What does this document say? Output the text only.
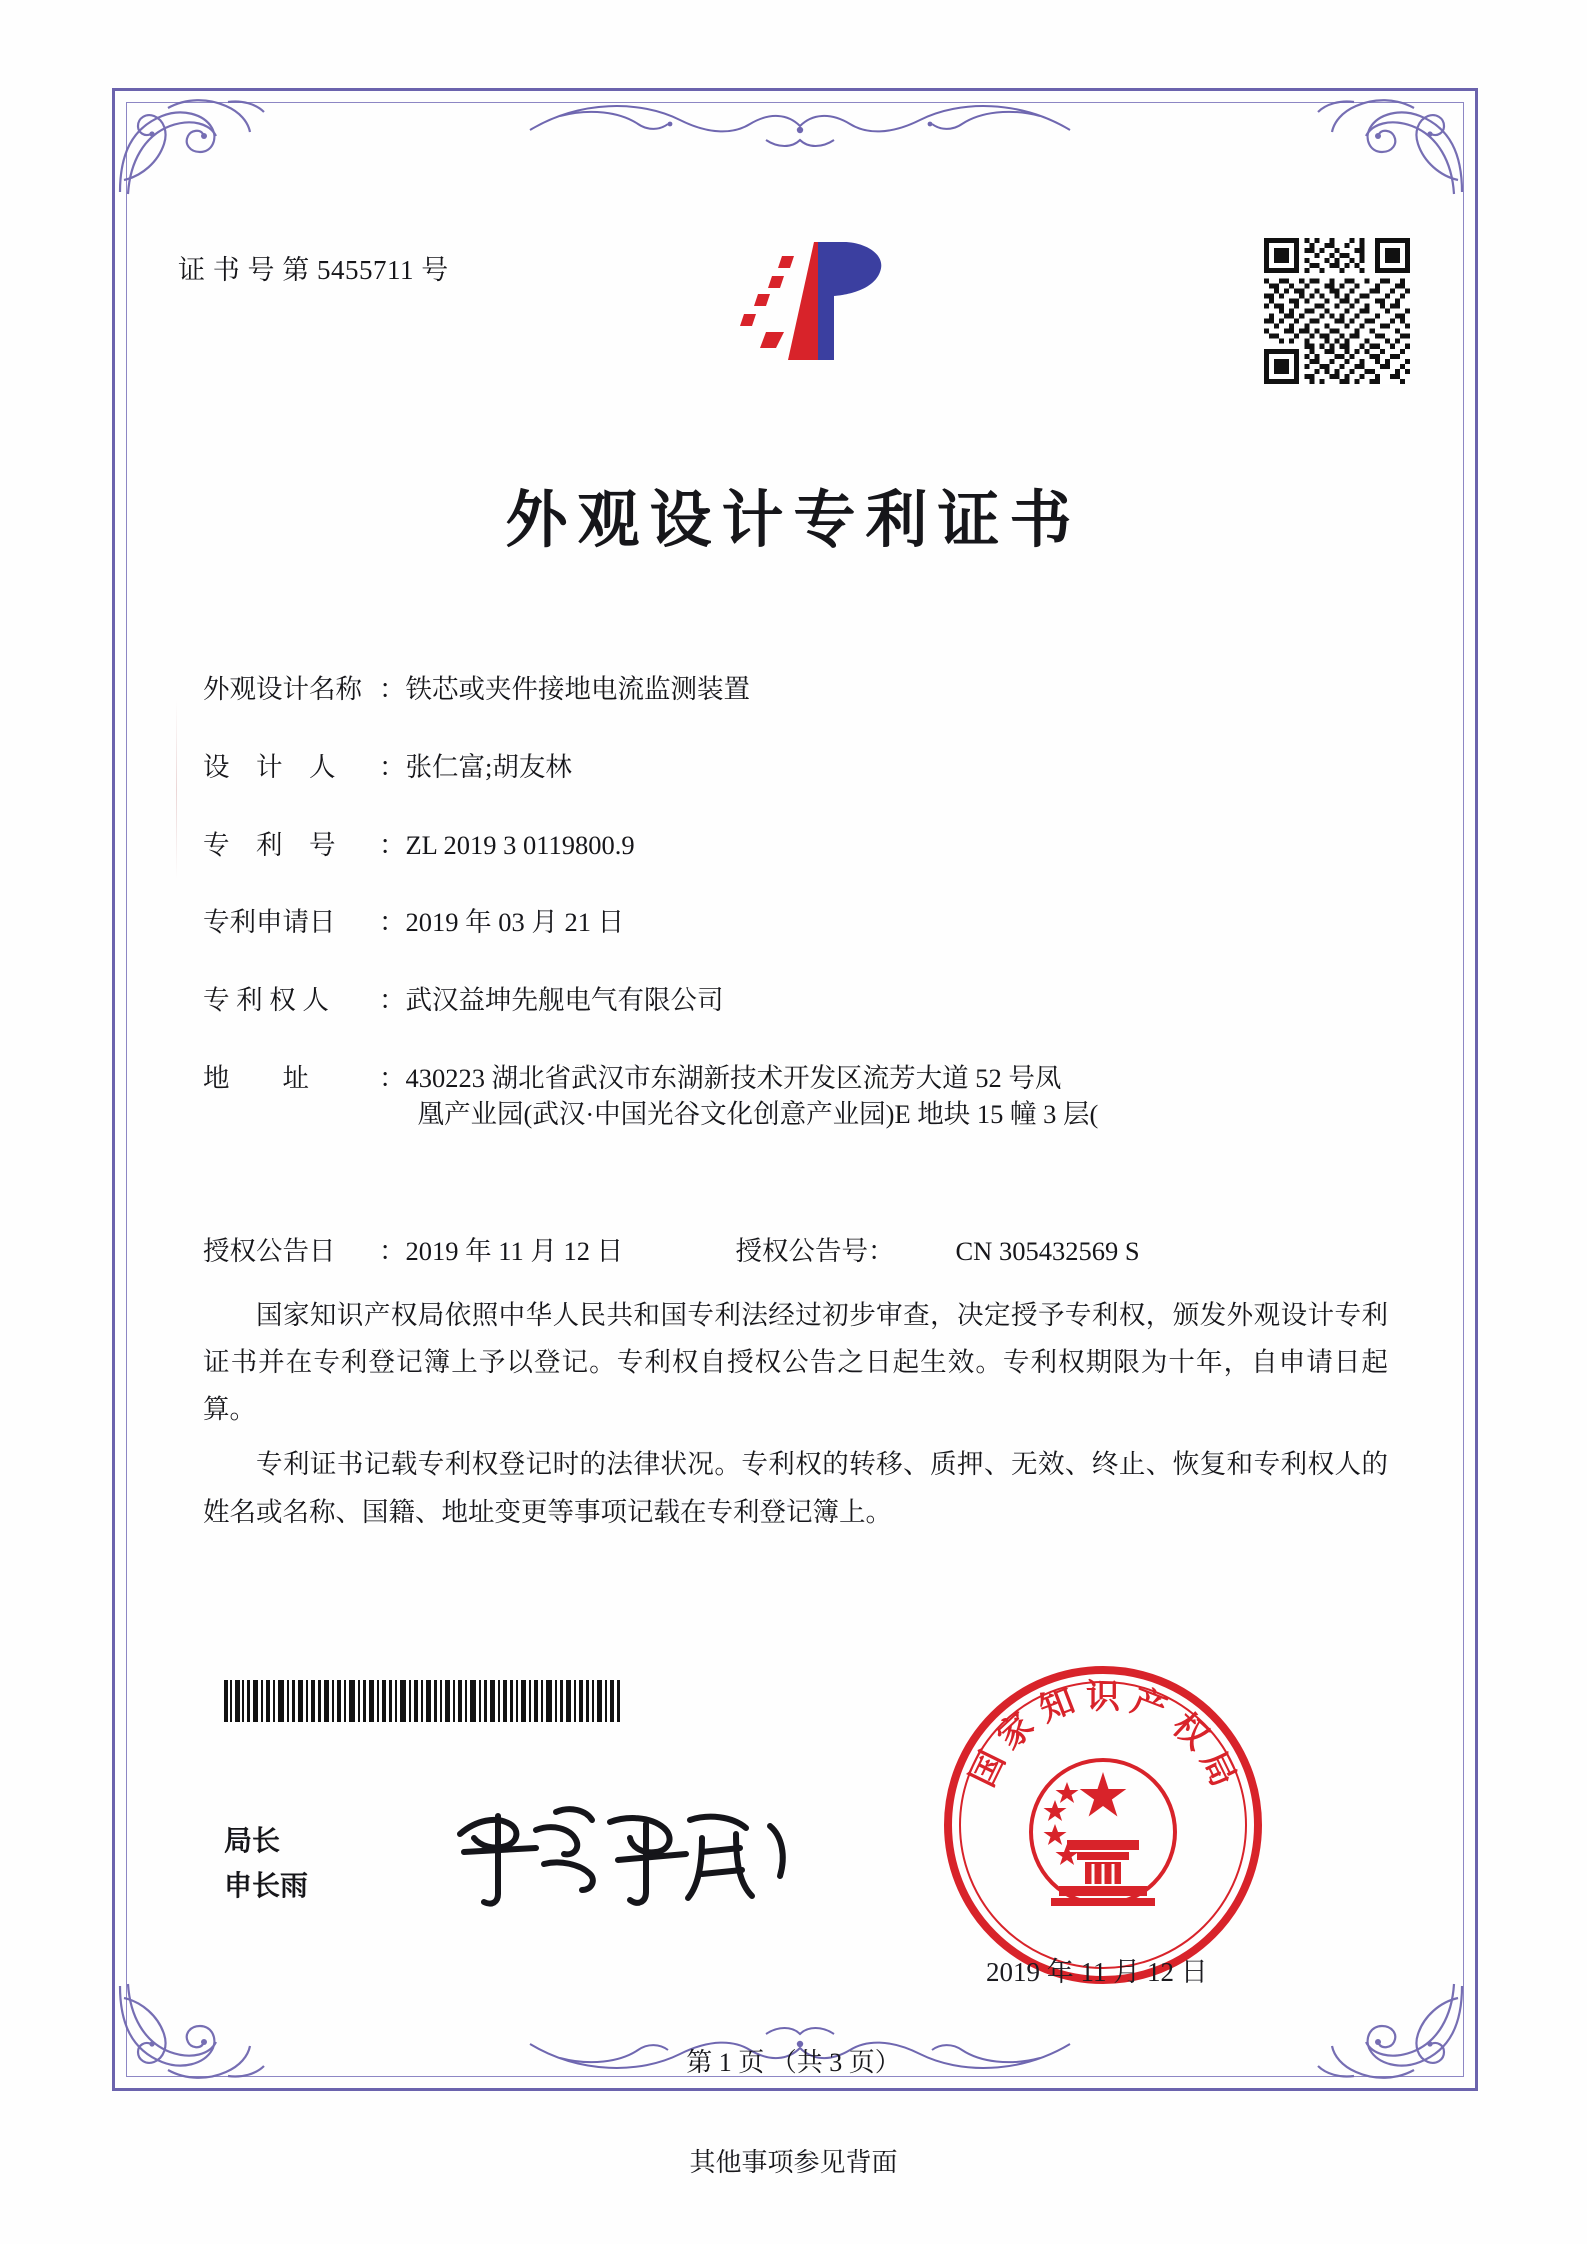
证 书 号 第 5455711 号
外观设计专利证书
外观设计名称 ： 铁芯或夹件接地电流监测装置
设    计    人	： 张仁富;胡友林
专    利    号	： ZL 2019 3 0119800.9
专利申请日	： 2019 年 03 月 21 日
专 利 权 人	： 武汉益坤先舰电气有限公司
地        址	： 430223 湖北省武汉市东湖新技术开发区流芳大道 52 号凤
凰产业园(武汉·中国光谷文化创意产业园)E 地块 15 幢 3 层(
授权公告日	： 2019 年 11 月 12 日	授权公告号：	CN 305432569 S

国家知识产权局依照中华人民共和国专利法经过初步审查，决定授予专利权，颁发外观设计专利证书并在专利登记簿上予以登记。专利权自授权公告之日起生效。专利权期限为十年，自申请日起算。

专利证书记载专利权登记时的法律状况。专利权的转移、质押、无效、终止、恢复和专利权人的姓名或名称、国籍、地址变更等事项记载在专利登记簿上。

局长
申长雨
国
家
知 识 产
权
局
2019 年 11 月 12 日
第 1 页 （共 3 页）
其他事项参见背面
